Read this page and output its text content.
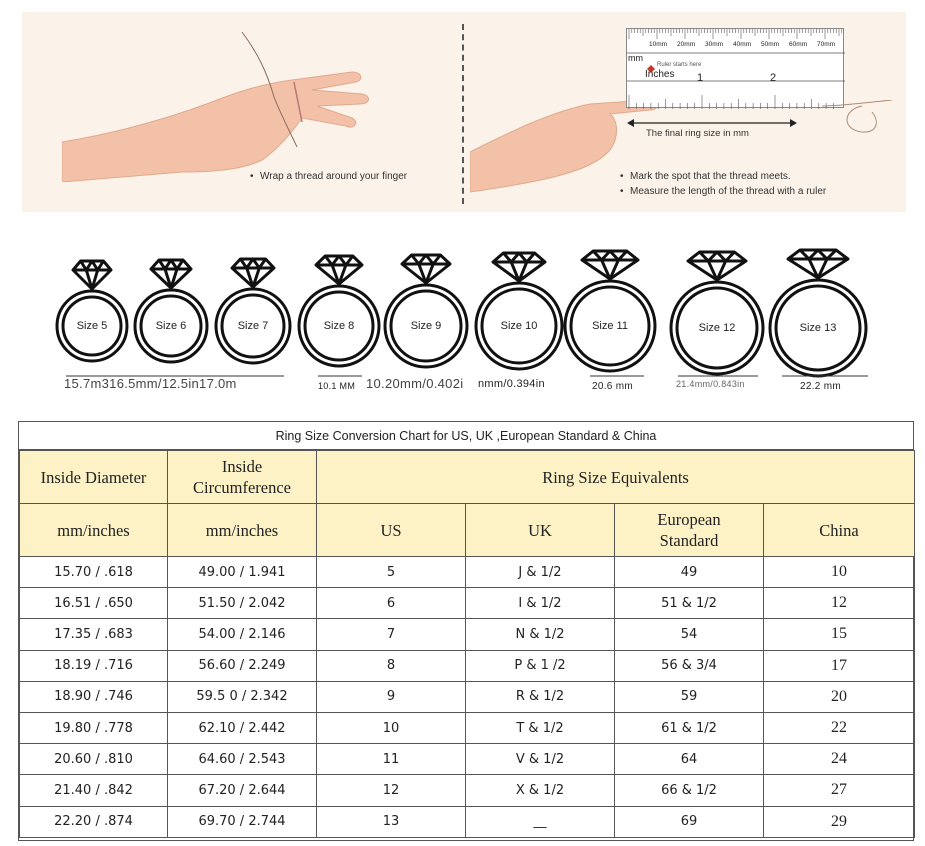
• Wrap a thread around your finger
mm
Inches
Ruler starts here
10mm 20mm 30mm 40mm 50mm 60mm 70mm
1	2
The final ring size in mm
• Mark the spot that the thread meets.
• Measure the length of the thread with a ruler
Size 5	Size 6	Size 7	Size 8	Size 9	Size 10	Size 11	Size 12	Size 13
15.7m316.5mm/12.5in17.0m	10.1 MM 10.20mm/0.402i nmm/0.394in	20.6 mm	21.4mm/0.843in	22.2 mm
Ring Size Conversion Chart for US, UK ,European Standard & China
Inside Diameter	Inside Circumference	Ring Size Equivalents			
mm/inches	mm/inches	US	UK	European Standard	China
15.70 / .618	49.00 / 1.941	5	J & 1/2	49	10
16.51 / .650	51.50 / 2.042	6	I & 1/2	51 & 1/2	12
17.35 / .683	54.00 / 2.146	7	N & 1/2	54	15
18.19 / .716	56.60 / 2.249	8	P & 1 /2	56 & 3/4	17
18.90 / .746	59.5 0 / 2.342	9	R & 1/2	59	20
19.80 / .778	62.10 / 2.442	10	T & 1/2	61 & 1/2	22
20.60 / .810	64.60 / 2.543	11	V & 1/2	64	24
21.40 / .842	67.20 / 2.644	12	X & 1/2	66 & 1/2	27
22.20 / .874	69.70 / 2.744	13	__	69	29
